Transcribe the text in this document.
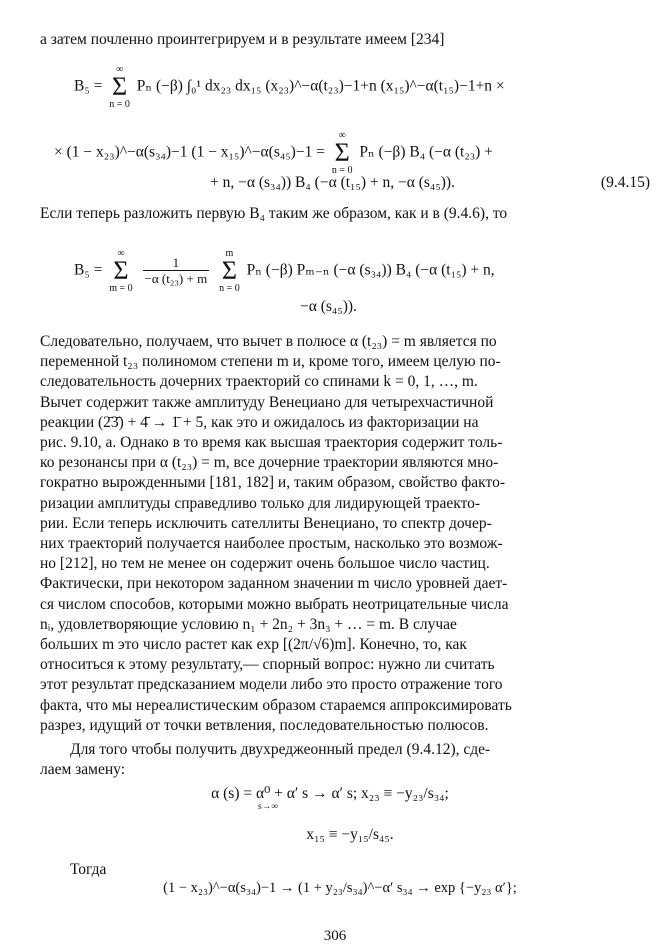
а затем почленно проинтегрируем и в результате имеем [234]

B₅ =
∞
Σ
n = 0
Pₙ (−β) ∫₀¹ dx₂₃ dx₁₅ (x₂₃)^−α(t₂₃)−1+n (x₁₅)^−α(t₁₅)−1+n ×
× (1 − x₂₃)^−α(s₃₄)−1 (1 − x₁₅)^−α(s₄₅)−1 =
∞
Σ
n = 0
Pₙ (−β) B₄ (−α (t₂₃) +
+ n, −α (s₃₄)) B₄ (−α (t₁₅) + n, −α (s₄₅)).	(9.4.15)

Если теперь разложить первую B₄ таким же образом, как и в (9.4.6), то

B₅ =
∞
Σ
m = 0

$\frac{1}{\text{−α (t₂₃) + m}}$

m
Σ
n = 0
Pₙ (−β) Pₘ₋ₙ (−α (s₃₄)) B₄ (−α (t₁₅) + n,
−α (s₄₅)).

Следовательно, получаем, что вычет в полюсе α (t₂₃) = m является по

переменной t₂₃ полиномом степени m и, кроме того, имеем целую по-

следовательность дочерних траекторий со спинами k = 0, 1, …, m.

Вычет содержит также амплитуду Венециано для четырехчастичной

реакции (2̄3̄) + 4̄ → 1̄ + 5, как это и ожидалось из факторизации на

рис. 9.10, а. Однако в то время как высшая траектория содержит толь-

ко резонансы при α (t₂₃) = m, все дочерние траектории являются мно-

гократно вырожденными [181, 182] и, таким образом, свойство факто-

ризации амплитуды справедливо только для лидирующей траекто-

рии. Если теперь исключить сателлиты Венециано, то спектр дочер-

них траекторий получается наиболее простым, насколько это возмож-

но [212], но тем не менее он содержит очень большое число частиц.

Фактически, при некотором заданном значении m число уровней дает-

ся числом способов, которыми можно выбрать неотрицательные числа

nᵢ, удовлетворяющие условию n₁ + 2n₂ + 3n₃ + … = m. В случае

больших m это число растет как exp [(2π/√6)m]. Конечно, то, как

относиться к этому результату,— спорный вопрос: нужно ли считать

этот результат предсказанием модели либо это просто отражение того

факта, что мы нереалистическим образом стараемся аппроксимировать

разрез, идущий от точки ветвления, последовательностью полюсов.

Для того чтобы получить двухреджеонный предел (9.4.12), сде-

лаем замену:

α (s) = α⁰ + α′ s → α′ s; x₂₃ ≡ −y₂₃/s₃₄;
s→∞
x₁₅ ≡ −y₁₅/s₄₅.

Тогда

(1 − x₂₃)^−α(s₃₄)−1 → (1 + y₂₃/s₃₄)^−α′ s₃₄ → exp {−y₂₃ α′};
306
